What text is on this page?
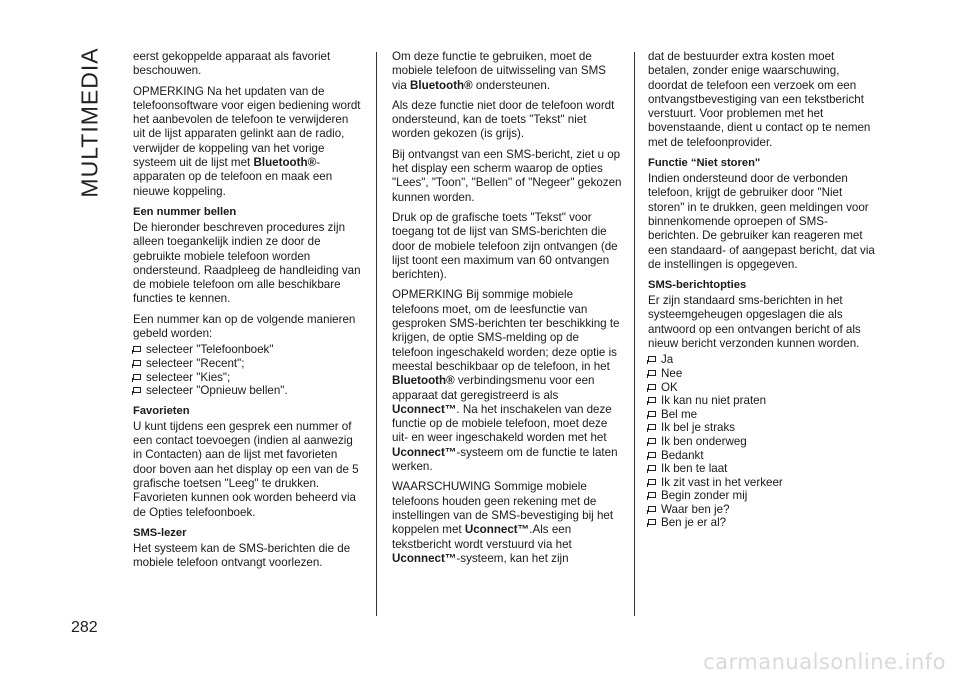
MULTIMEDIA
282

eerst gekoppelde apparaat als favoriet beschouwen.

OPMERKING Na het updaten van de telefoonsoftware voor eigen bediening wordt het aanbevolen de telefoon te verwijderen uit de lijst apparaten gelinkt aan de radio, verwijder de koppeling van het vorige systeem uit de lijst met Bluetooth®-apparaten op de telefoon en maak een nieuwe koppeling.

Een nummer bellen

De hieronder beschreven procedures zijn alleen toegankelijk indien ze door de gebruikte mobiele telefoon worden ondersteund. Raadpleeg de handleiding van de mobiele telefoon om alle beschikbare functies te kennen.

Een nummer kan op de volgende manieren gebeld worden:

selecteer "Telefoonboek"
selecteer "Recent";
selecteer "Kies";
selecteer "Opnieuw bellen".
Favorieten

U kunt tijdens een gesprek een nummer of een contact toevoegen (indien al aanwezig in Contacten) aan de lijst met favorieten door boven aan het display op een van de 5 grafische toetsen "Leeg" te drukken. Favorieten kunnen ook worden beheerd via de Opties telefoonboek.

SMS-lezer

Het systeem kan de SMS-berichten die de mobiele telefoon ontvangt voorlezen.

Om deze functie te gebruiken, moet de mobiele telefoon de uitwisseling van SMS via Bluetooth® ondersteunen.

Als deze functie niet door de telefoon wordt ondersteund, kan de toets "Tekst" niet worden gekozen (is grijs).

Bij ontvangst van een SMS-bericht, ziet u op het display een scherm waarop de opties "Lees", "Toon", "Bellen" of "Negeer" gekozen kunnen worden.

Druk op de grafische toets "Tekst" voor toegang tot de lijst van SMS-berichten die door de mobiele telefoon zijn ontvangen (de lijst toont een maximum van 60 ontvangen berichten).

OPMERKING Bij sommige mobiele telefoons moet, om de leesfunctie van gesproken SMS-berichten ter beschikking te krijgen, de optie SMS-melding op de telefoon ingeschakeld worden; deze optie is meestal beschikbaar op de telefoon, in het Bluetooth® verbindingsmenu voor een apparaat dat geregistreerd is als Uconnect™. Na het inschakelen van deze functie op de mobiele telefoon, moet deze uit- en weer ingeschakeld worden met het Uconnect™-systeem om de functie te laten werken.

WAARSCHUWING Sommige mobiele telefoons houden geen rekening met de instellingen van de SMS-bevestiging bij het koppelen met Uconnect™.Als een tekstbericht wordt verstuurd via het Uconnect™-systeem, kan het zijn

dat de bestuurder extra kosten moet betalen, zonder enige waarschuwing, doordat de telefoon een verzoek om een ontvangstbevestiging van een tekstbericht verstuurt. Voor problemen met het bovenstaande, dient u contact op te nemen met de telefoonprovider.

Functie “Niet storen"

Indien ondersteund door de verbonden telefoon, krijgt de gebruiker door "Niet storen" in te drukken, geen meldingen voor binnenkomende oproepen of SMS-berichten. De gebruiker kan reageren met een standaard- of aangepast bericht, dat via de instellingen is opgegeven.

SMS-berichtopties

Er zijn standaard sms-berichten in het systeemgeheugen opgeslagen die als antwoord op een ontvangen bericht of als nieuw bericht verzonden kunnen worden.

Ja
Nee
OK
Ik kan nu niet praten
Bel me
Ik bel je straks
Ik ben onderweg
Bedankt
Ik ben te laat
Ik zit vast in het verkeer
Begin zonder mij
Waar ben je?
Ben je er al?
carmanualsonline.info
